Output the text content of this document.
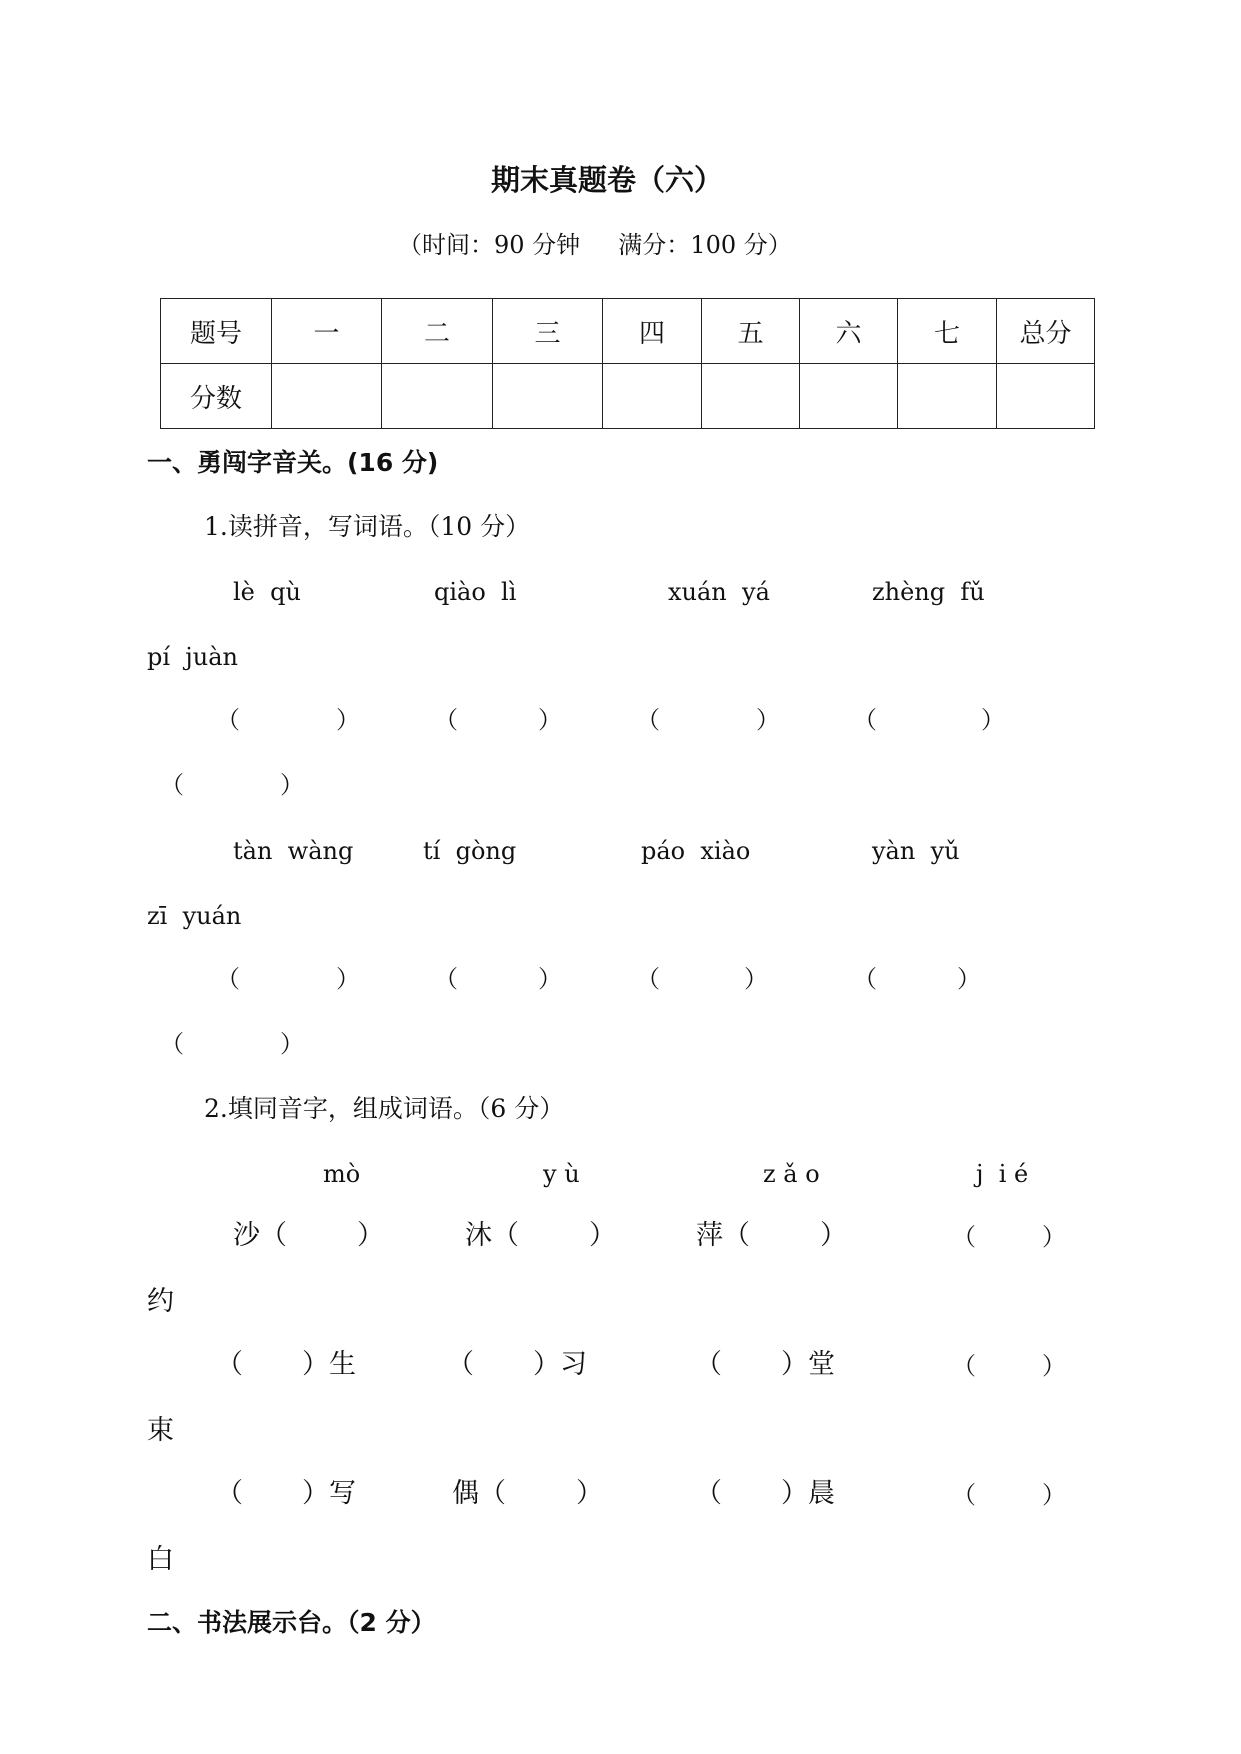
期末真题卷（六）
（时间：90 分钟     满分：100 分）
题号	一	二	三	四	五	六	七	总分
分数								
一、勇闯字音关。(16 分)
1.读拼音，写词语。（10 分）
lè  qù	qiào  lì	xuán  yá	zhèng  fǔ
pí  juàn
（	）	（	）	（	）	（	）
（	）
tàn  wàng	tí  gòng	páo  xiào	yàn  yǔ
zī  yuán
（	）	（	）	（	）	（	）
（	）
2.填同音字，组成词语。（6 分）
mò	y ù	z ǎ o	j  i é
沙（	）	沐（	）	萍（	）	（	）
约
（ ）生	（ ）习	（ ）堂	（	）
束
（ ）写	偶（	）	（ ）晨	（	）
白
二、书法展示台。（2 分）
